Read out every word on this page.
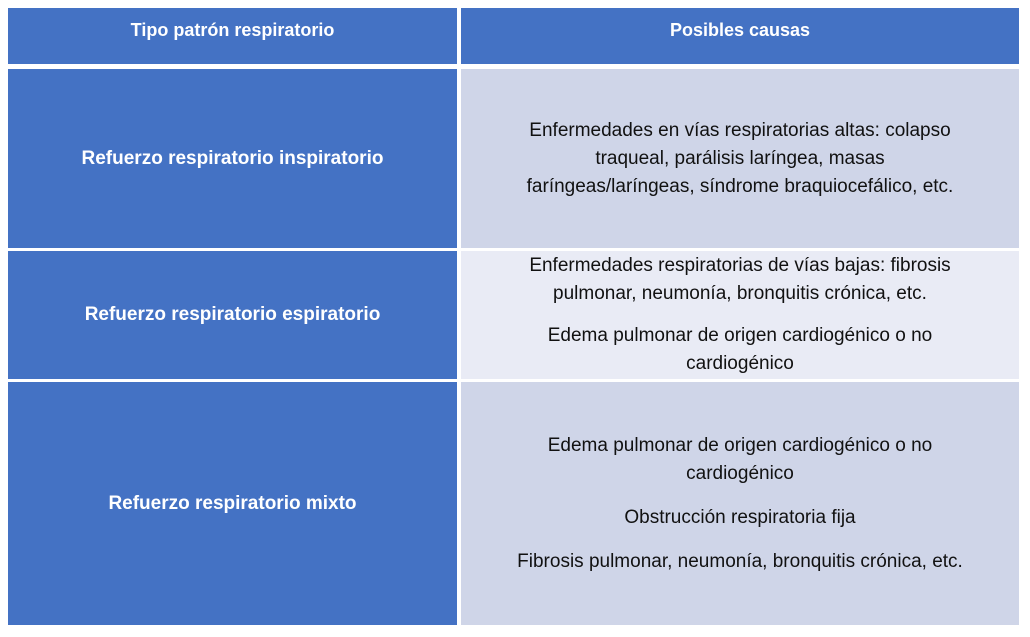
Tipo patrón respiratorio	Posibles causas
Refuerzo respiratorio inspiratorio

Enfermedades en vías respiratorias altas: colapso traqueal, parálisis laríngea, masas faríngeas/laríngeas, síndrome braquiocefálico, etc.

Refuerzo respiratorio espiratorio

Enfermedades respiratorias de vías bajas: fibrosis pulmonar, neumonía, bronquitis crónica, etc.

Edema pulmonar de origen cardiogénico o no cardiogénico

Refuerzo respiratorio mixto

Edema pulmonar de origen cardiogénico o no cardiogénico

Obstrucción respiratoria fija

Fibrosis pulmonar, neumonía, bronquitis crónica, etc.
